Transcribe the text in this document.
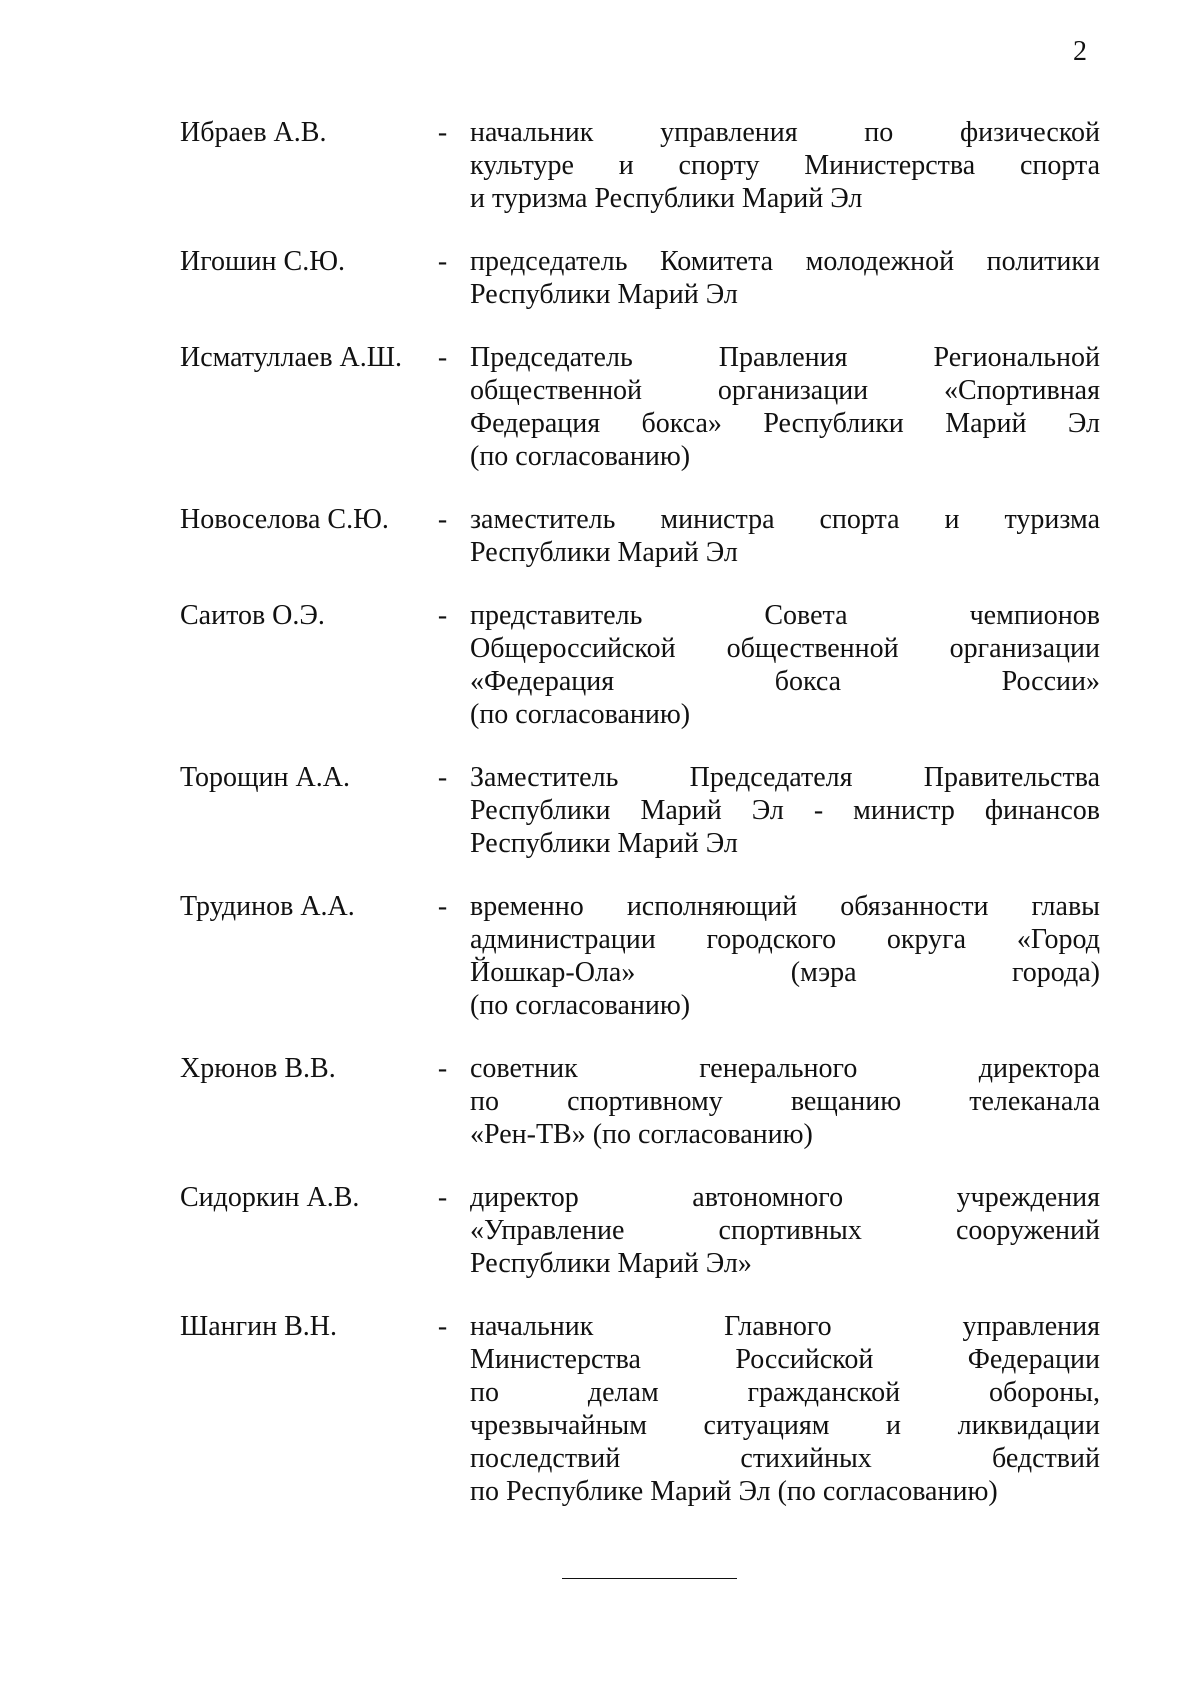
2
Ибраев А.В.	- начальник управления по физической
культуре и спорту Министерства спорта
и туризма Республики Марий Эл
Игошин С.Ю.	- председатель Комитета молодежной политики
Республики Марий Эл
Исматуллаев А.Ш.	- Председатель Правления Региональной
общественной организации «Спортивная
Федерация бокса» Республики Марий Эл
(по согласованию)
Новоселова С.Ю.	- заместитель министра спорта и туризма
Республики Марий Эл
Саитов О.Э.	- представитель Совета чемпионов
Общероссийской общественной организации
«Федерация бокса России»
(по согласованию)
Торощин А.А.	- Заместитель Председателя Правительства
Республики Марий Эл - министр финансов
Республики Марий Эл
Трудинов А.А.	- временно исполняющий обязанности главы
администрации городского округа «Город
Йошкар-Ола» (мэра города)
(по согласованию)
Хрюнов В.В.	- советник генерального директора
по спортивному вещанию телеканала
«Рен-ТВ» (по согласованию)
Сидоркин А.В.	- директор автономного учреждения
«Управление спортивных сооружений
Республики Марий Эл»
Шангин В.Н.	- начальник Главного управления
Министерства Российской Федерации
по делам гражданской обороны,
чрезвычайным ситуациям и ликвидации
последствий стихийных бедствий
по Республике Марий Эл (по согласованию)
